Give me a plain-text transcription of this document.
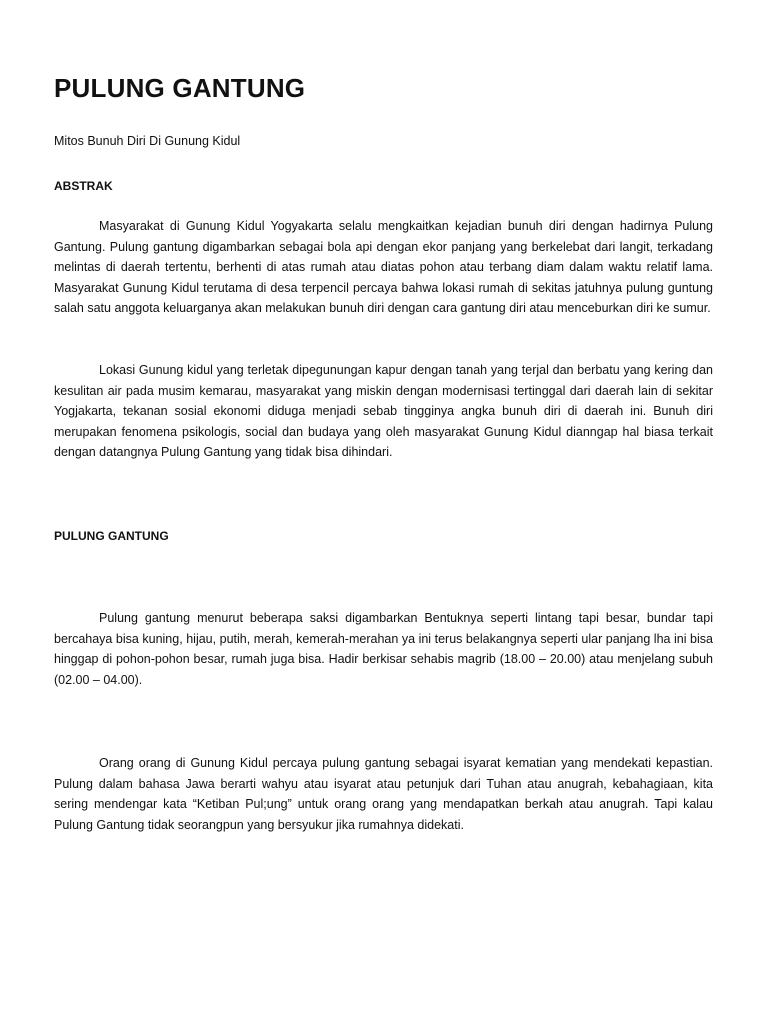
PULUNG GANTUNG

Mitos Bunuh Diri Di Gunung Kidul

ABSTRAK

Masyarakat di Gunung Kidul Yogyakarta selalu mengkaitkan kejadian bunuh diri dengan hadirnya Pulung Gantung. Pulung gantung digambarkan sebagai bola api dengan ekor panjang yang berkelebat dari langit, terkadang melintas di daerah tertentu, berhenti di atas rumah atau diatas pohon atau terbang diam dalam waktu relatif lama. Masyarakat Gunung Kidul terutama di desa terpencil percaya bahwa lokasi rumah di sekitas jatuhnya pulung guntung salah satu anggota keluarganya akan melakukan bunuh diri dengan cara gantung diri atau menceburkan diri ke sumur.

Lokasi Gunung kidul yang terletak dipegunungan kapur dengan tanah yang terjal dan berbatu yang kering dan kesulitan air pada musim kemarau, masyarakat yang miskin dengan modernisasi tertinggal dari daerah lain di sekitar Yogjakarta, tekanan sosial ekonomi diduga menjadi sebab tingginya angka bunuh diri di daerah ini. Bunuh diri merupakan fenomena psikologis, social dan budaya yang oleh masyarakat Gunung Kidul dianngap hal biasa terkait dengan datangnya Pulung Gantung yang tidak bisa dihindari.

PULUNG GANTUNG

Pulung gantung menurut beberapa saksi digambarkan Bentuknya seperti lintang tapi besar, bundar tapi bercahaya bisa kuning, hijau, putih, merah, kemerah-merahan ya ini terus belakangnya seperti ular panjang lha ini bisa hinggap di pohon-pohon besar, rumah juga bisa. Hadir berkisar sehabis magrib (18.00 – 20.00) atau menjelang subuh (02.00 – 04.00).

Orang orang di Gunung Kidul percaya pulung gantung sebagai isyarat kematian yang mendekati kepastian. Pulung dalam bahasa Jawa berarti wahyu atau isyarat atau petunjuk dari Tuhan atau anugrah, kebahagiaan, kita sering mendengar kata “Ketiban Pul;ung” untuk orang orang yang mendapatkan berkah atau anugrah. Tapi kalau Pulung Gantung tidak seorangpun yang bersyukur jika rumahnya didekati.
